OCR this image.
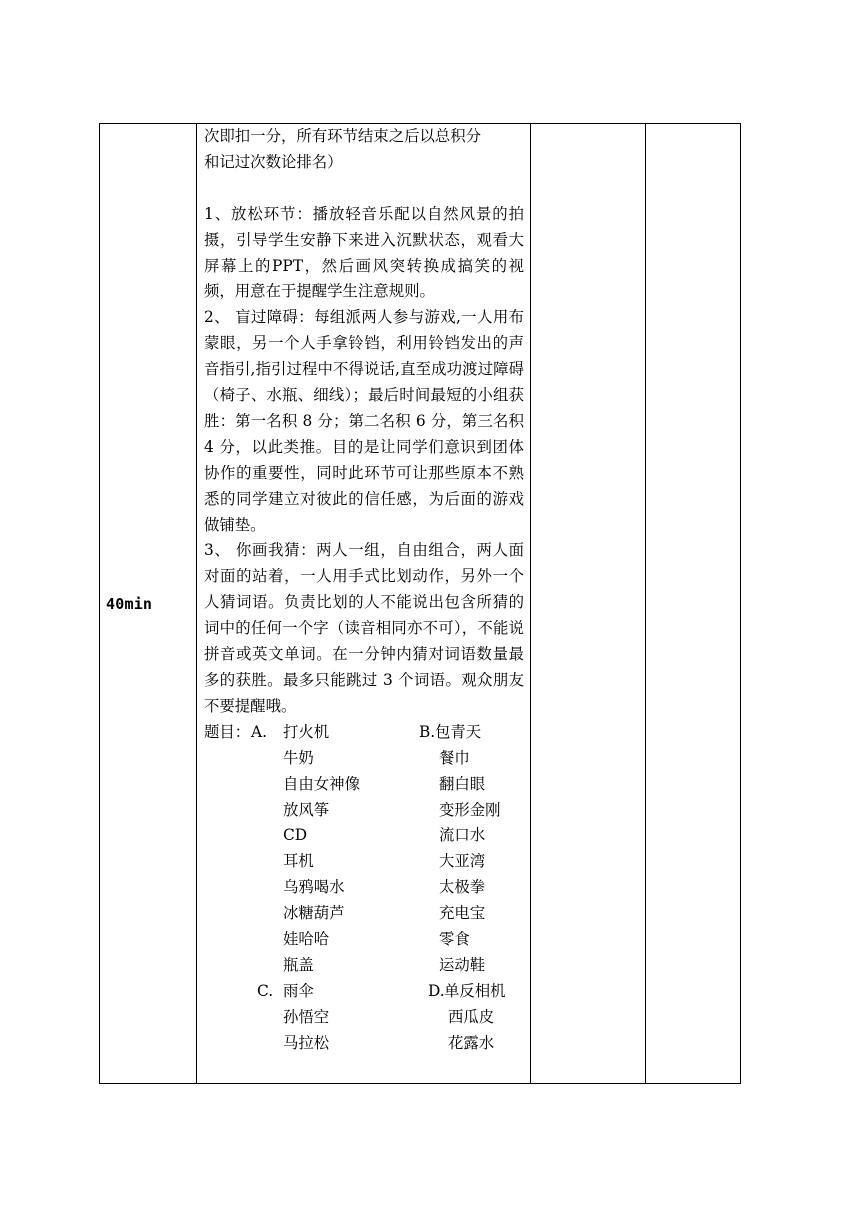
40min

次即扣一分，所有环节结束之后以总积分
和记过次数论排名）
1、放松环节：播放轻音乐配以自然风景的拍摄，引导学生安静下来进入沉默状态，观看大屏幕上的PPT，然后画风突转换成搞笑的视频，用意在于提醒学生注意规则。
2、 盲过障碍：每组派两人参与游戏,一人用布蒙眼，另一个人手拿铃铛，利用铃铛发出的声音指引,指引过程中不得说话,直至成功渡过障碍（椅子、水瓶、细线）；最后时间最短的小组获胜：第一名积 8 分；第二名积 6 分，第三名积 4 分，以此类推。目的是让同学们意识到团体协作的重要性，同时此环节可让那些原本不熟悉的同学建立对彼此的信任感，为后面的游戏做铺垫。
3、 你画我猜：两人一组，自由组合，两人面对面的站着，一人用手式比划动作，另外一个人猜词语。负责比划的人不能说出包含所猜的词中的任何一个字（读音相同亦不可），不能说拼音或英文单词。在一分钟内猜对词语数量最多的获胜。最多只能跳过 3 个词语。观众朋友不要提醒哦。
题目： A. 打火机	B. 包青天
牛奶	餐巾
自由女神像	翻白眼
放风筝	变形金刚
CD	流口水
耳机	大亚湾
乌鸦喝水	太极拳
冰糖葫芦	充电宝
娃哈哈	零食
瓶盖	运动鞋
C. 雨伞	D. 单反相机
孙悟空	西瓜皮
马拉松	花露水
